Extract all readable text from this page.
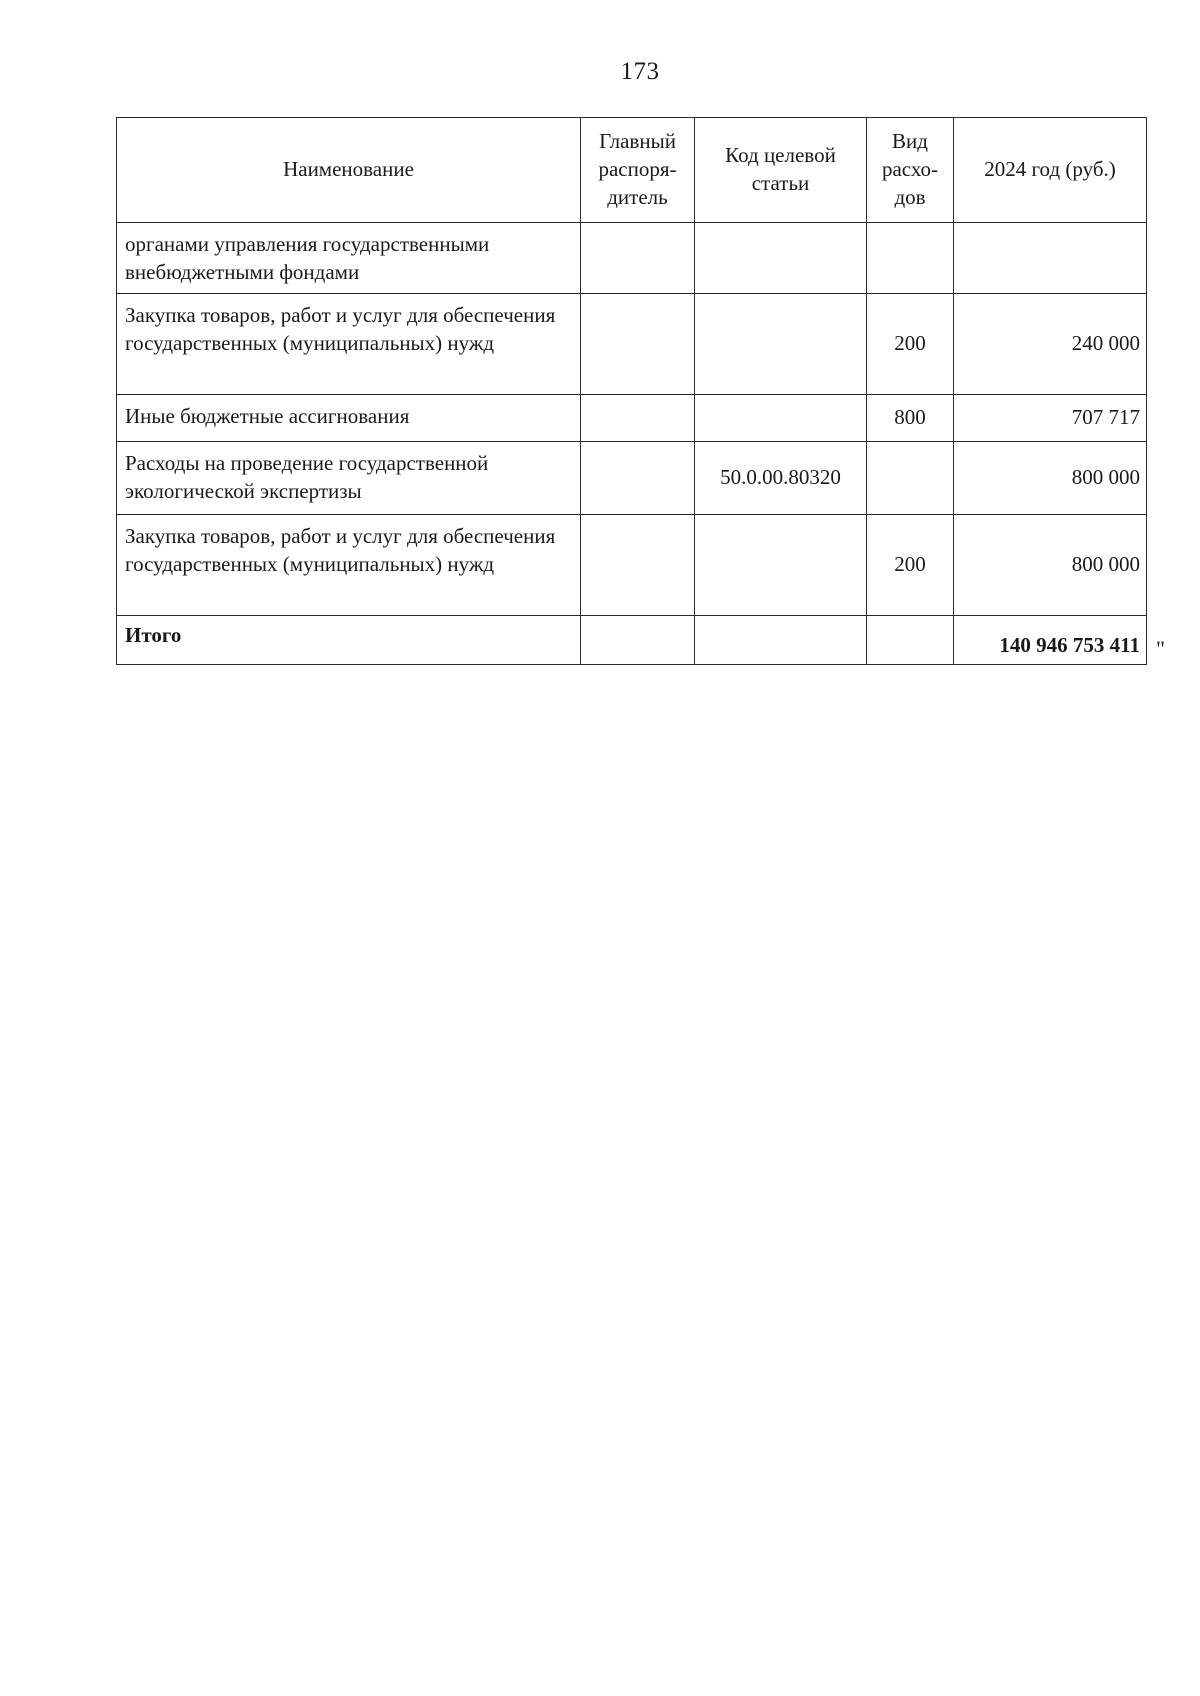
173
Наименование	Главный распоря-дитель	Код целевой статьи	Вид расхо-дов	2024 год (руб.)
органами управления государственными внебюджетными фондами				
Закупка товаров, работ и услуг для обеспечения государственных (муниципальных) нужд			200	240 000
Иные бюджетные ассигнования			800	707 717
Расходы на проведение государственной экологической экспертизы		50.0.00.80320		800 000
Закупка товаров, работ и услуг для обеспечения государственных (муниципальных) нужд			200	800 000
Итого				140 946 753 411 "
